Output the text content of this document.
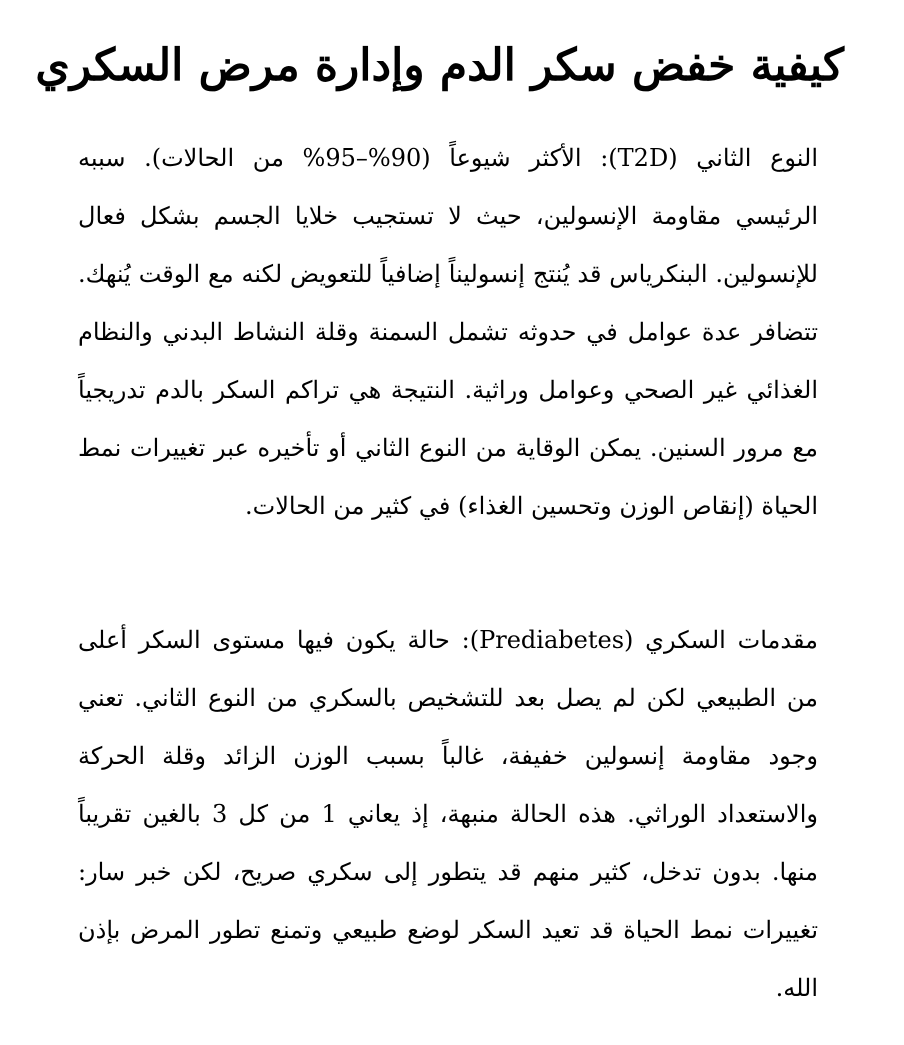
كيفية خفض سكر الدم وإدارة مرض السكري

النوع الثاني (T2D): الأكثر شيوعاً (90%–95% من الحالات). سببه الرئيسي مقاومة الإنسولين، حيث لا تستجيب خلايا الجسم بشكل فعال للإنسولين. البنكرياس قد يُنتج إنسوليناً إضافياً للتعويض لكنه مع الوقت يُنهك. تتضافر عدة عوامل في حدوثه تشمل السمنة وقلة النشاط البدني والنظام الغذائي غير الصحي وعوامل وراثية. النتيجة هي تراكم السكر بالدم تدريجياً مع مرور السنين. يمكن الوقاية من النوع الثاني أو تأخيره عبر تغييرات نمط الحياة (إنقاص الوزن وتحسين الغذاء) في كثير من الحالات.

مقدمات السكري (Prediabetes): حالة يكون فيها مستوى السكر أعلى من الطبيعي لكن لم يصل بعد للتشخيص بالسكري من النوع الثاني. تعني وجود مقاومة إنسولين خفيفة، غالباً بسبب الوزن الزائد وقلة الحركة والاستعداد الوراثي. هذه الحالة منبهة، إذ يعاني 1 من كل 3 بالغين تقريباً منها. بدون تدخل، كثير منهم قد يتطور إلى سكري صريح، لكن خبر سار: تغييرات نمط الحياة قد تعيد السكر لوضع طبيعي وتمنع تطور المرض بإذن الله.
